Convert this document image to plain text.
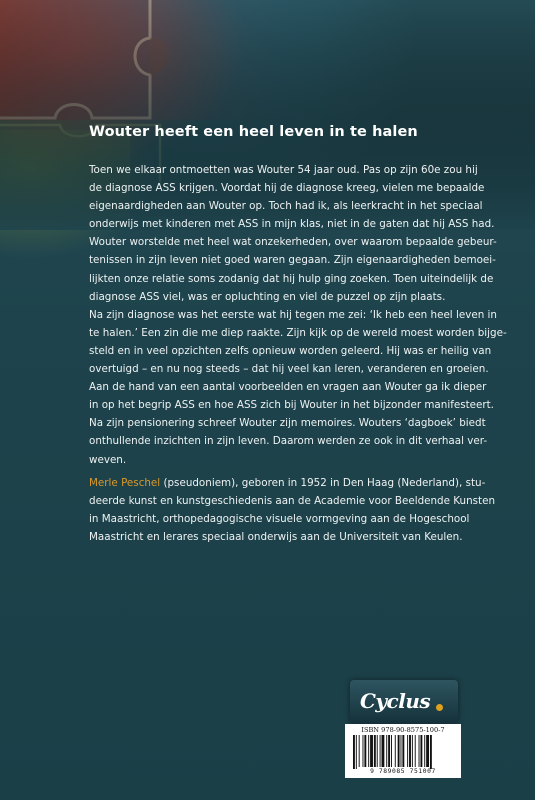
Wouter heeft een heel leven in te halen
Toen we elkaar ontmoetten was Wouter 54 jaar oud. Pas op zijn 60e zou hij
de diagnose ASS krijgen. Voordat hij de diagnose kreeg, vielen me bepaalde
eigenaardigheden aan Wouter op. Toch had ik, als leerkracht in het speciaal
onderwijs met kinderen met ASS in mijn klas, niet in de gaten dat hij ASS had.
Wouter worstelde met heel wat onzekerheden, over waarom bepaalde gebeur-
tenissen in zijn leven niet goed waren gegaan. Zijn eigenaardigheden bemoei-
lijkten onze relatie soms zodanig dat hij hulp ging zoeken. Toen uiteindelijk de
diagnose ASS viel, was er opluchting en viel de puzzel op zijn plaats.
Na zijn diagnose was het eerste wat hij tegen me zei: ‘Ik heb een heel leven in
te halen.’ Een zin die me diep raakte. Zijn kijk op de wereld moest worden bijge-
steld en in veel opzichten zelfs opnieuw worden geleerd. Hij was er heilig van
overtuigd – en nu nog steeds – dat hij veel kan leren, veranderen en groeien.
Aan de hand van een aantal voorbeelden en vragen aan Wouter ga ik dieper
in op het begrip ASS en hoe ASS zich bij Wouter in het bijzonder manifesteert.
Na zijn pensionering schreef Wouter zijn memoires. Wouters ‘dagboek’ biedt
onthullende inzichten in zijn leven. Daarom werden ze ook in dit verhaal ver-
weven.
Merle Peschel (pseudoniem), geboren in 1952 in Den Haag (Nederland), stu-
deerde kunst en kunstgeschiedenis aan de Academie voor Beeldende Kunsten
in Maastricht, orthopedagogische visuele vormgeving aan de Hogeschool
Maastricht en lerares speciaal onderwijs aan de Universiteit van Keulen.
Cyclus
ISBN 978-90-8575-100-7
9 789085 751007
